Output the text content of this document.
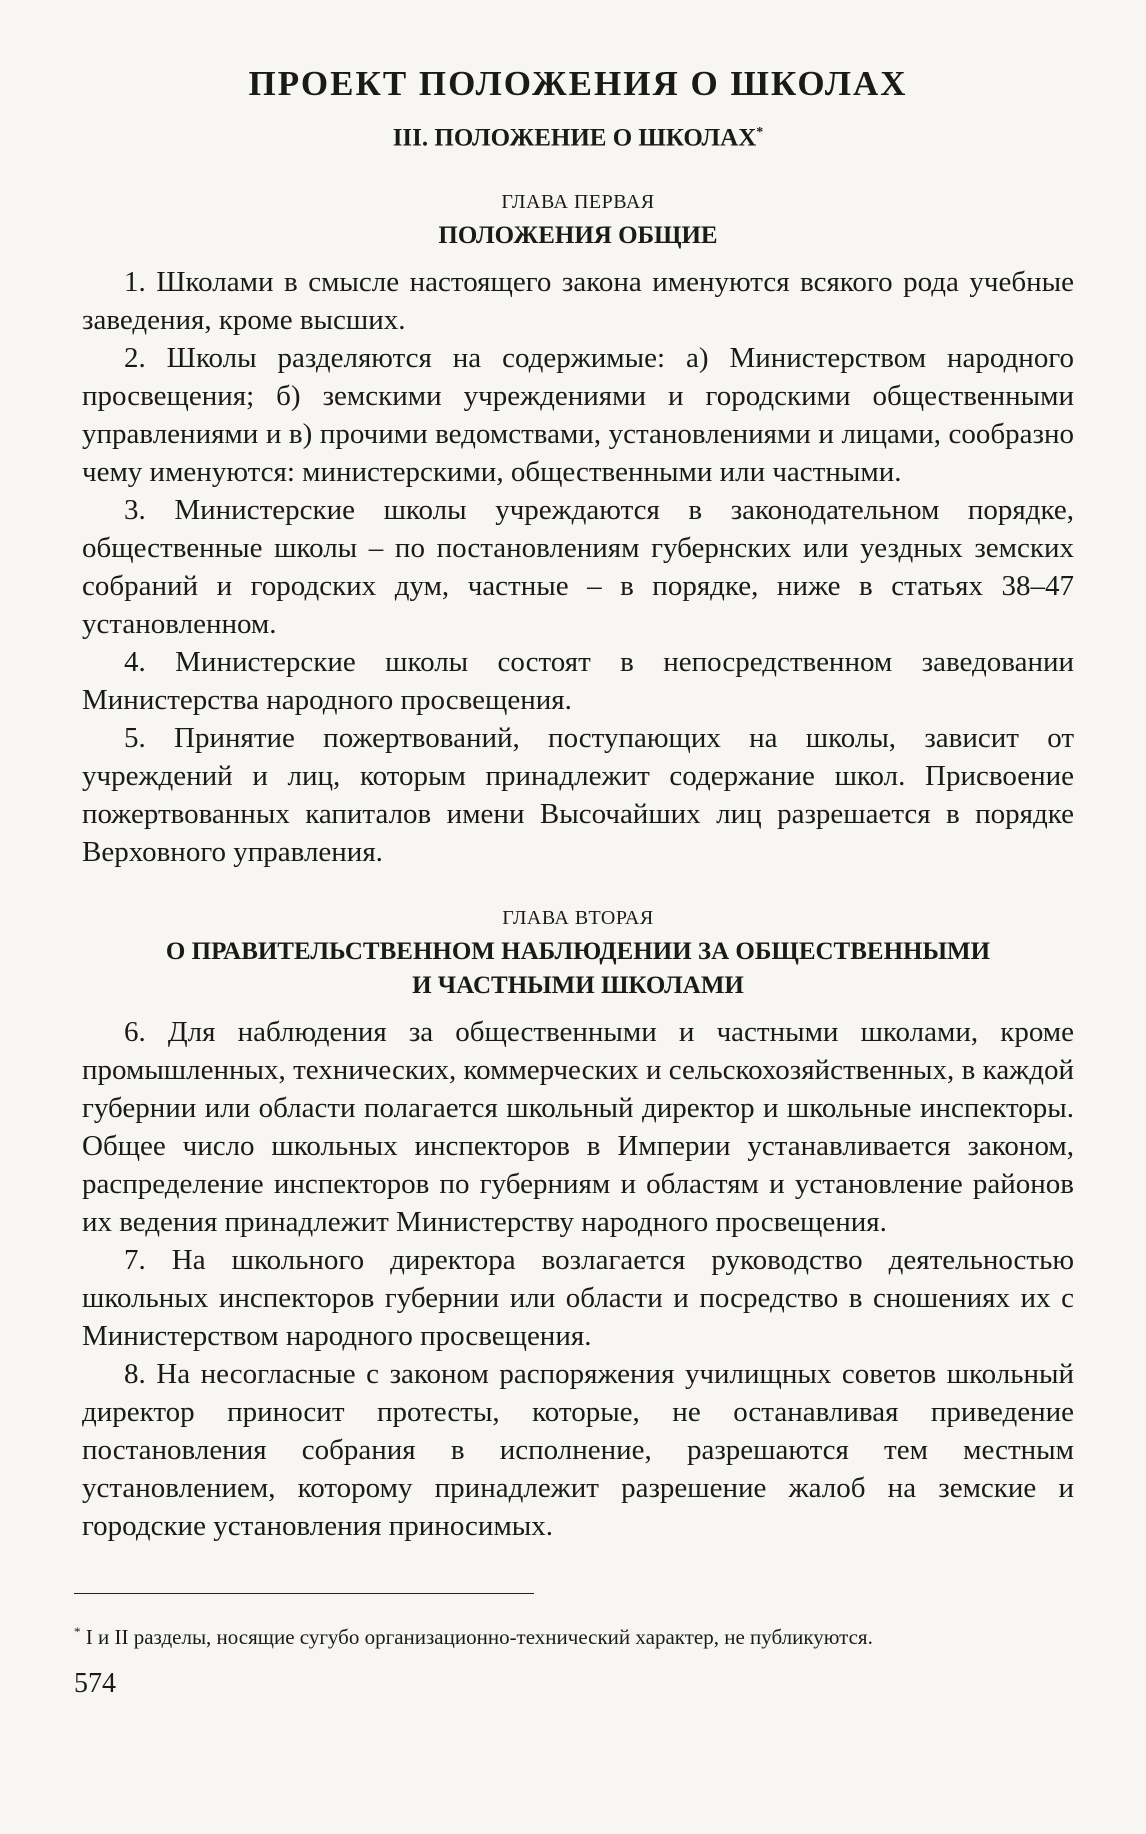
ПРОЕКТ ПОЛОЖЕНИЯ О ШКОЛАХ
III. ПОЛОЖЕНИЕ О ШКОЛАХ*
ГЛАВА ПЕРВАЯ
ПОЛОЖЕНИЯ ОБЩИЕ

1. Школами в смысле настоящего закона именуются всякого рода учебные заведения, кроме высших.

2. Школы разделяются на содержимые: а) Министерством народного просвещения; б) земскими учреждениями и городскими общественными управлениями и в) прочими ведомствами, установлениями и лицами, сообразно чему именуются: министерскими, общественными или частными.

3. Министерские школы учреждаются в законодательном порядке, общественные школы – по постановлениям губернских или уездных земских собраний и городских дум, частные – в порядке, ниже в статьях 38–47 установленном.

4. Министерские школы состоят в непосредственном заведовании Министерства народного просвещения.

5. Принятие пожертвований, поступающих на школы, зависит от учреждений и лиц, которым принадлежит содержание школ. Присвоение пожертвованных капиталов имени Высочайших лиц разрешается в порядке Верховного управления.

ГЛАВА ВТОРАЯ
О ПРАВИТЕЛЬСТВЕННОМ НАБЛЮДЕНИИ ЗА ОБЩЕСТВЕННЫМИ
И ЧАСТНЫМИ ШКОЛАМИ

6. Для наблюдения за общественными и частными школами, кроме промышленных, технических, коммерческих и сельскохозяйственных, в каждой губернии или области полагается школьный директор и школьные инспекторы. Общее число школьных инспекторов в Империи устанавливается законом, распределение инспекторов по губерниям и областям и установление районов их ведения принадлежит Министерству народного просвещения.

7. На школьного директора возлагается руководство деятельностью школьных инспекторов губернии или области и посредство в сношениях их с Министерством народного просвещения.

8. На несогласные с законом распоряжения училищных советов школьный директор приносит протесты, которые, не останавливая приведение постановления собрания в исполнение, разрешаются тем местным установлением, которому принадлежит разрешение жалоб на земские и городские установления приносимых.

* I и II разделы, носящие сугубо организационно-технический характер, не публикуются.
574
